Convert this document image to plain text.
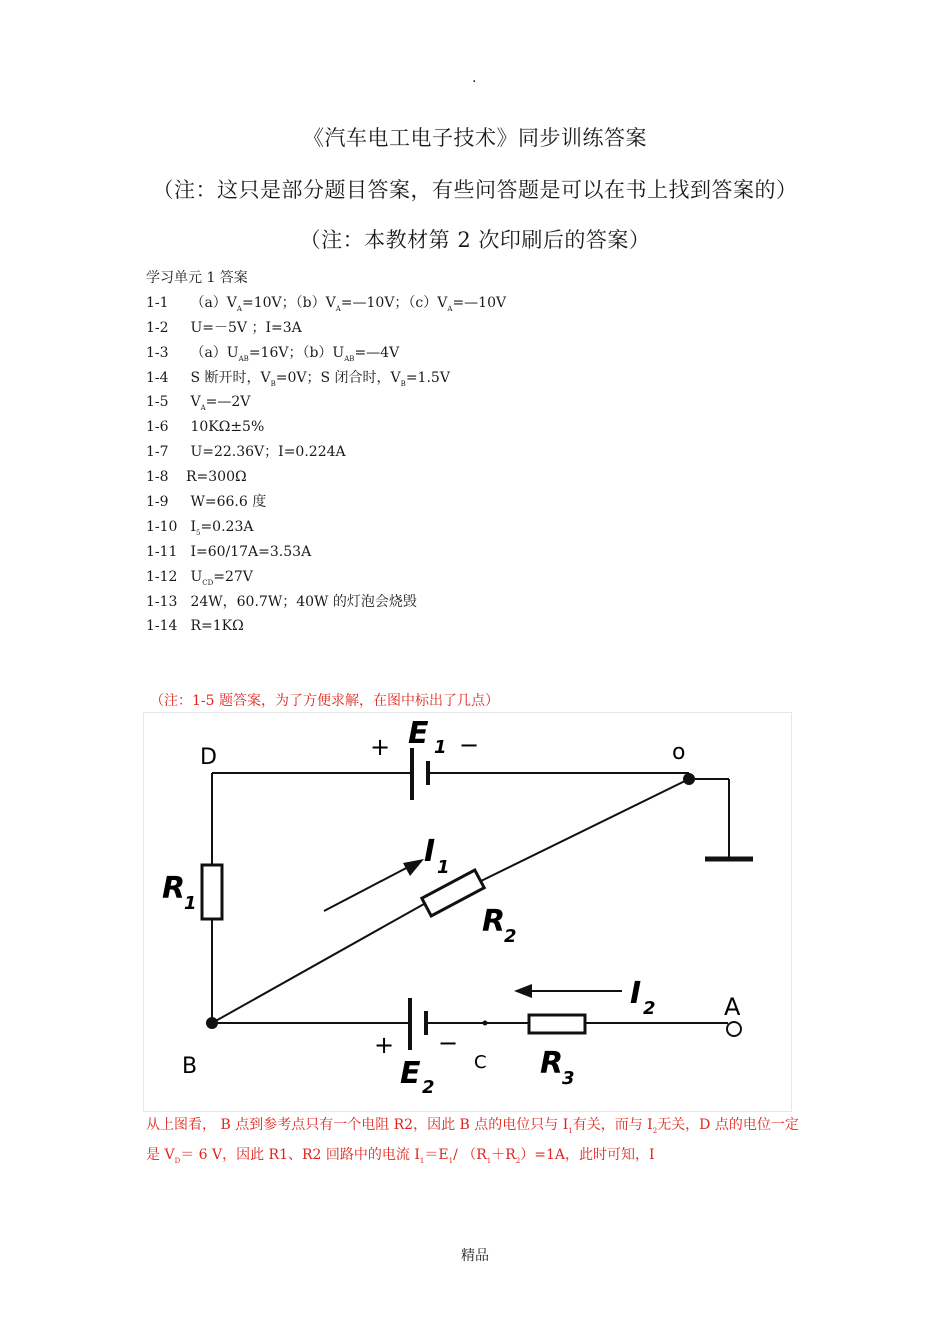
.
《汽车电工电子技术》同步训练答案
（注：这只是部分题目答案，有些问答题是可以在书上找到答案的）
（注：本教材第 2 次印刷后的答案）
学习单元 1 答案
1-1 $(a)V_A=10V$；$(b)V_A=—10V$；$(c)V_A=—10V$
1-2 U=－5V ；I=3A
1-3 $(a)U_{AB}=16V$；$(b)U_{AB}=—4V$
1-4 S 断开时，$V_B=0V$；S 闭合时，$V_B=1.5V$
1-5 $V_A=—2V$
1-6 10KΩ±5%
1-7 U=22.36V；I=0.224A
1-8 R=300Ω
1-9 W=66.6 度
1-10 $I_5=0.23A$
1-11 I=60/17A=3.53A
1-12 $U_{CD}=27V$
1-13 24W，60.7W；40W 的灯泡会烧毁
1-14 R=1KΩ
（注：1-5 题答案，为了方便求解，在图中标出了几点）
D	o
B
A
C
+	−
E 1
+ −
E 2
R
1
R
2
R
3
I 1
I 2
从上图看， B 点到参考点只有一个电阻 R2，因此 B 点的电位只与 $I_1$有关，而与 $I_2$无关，D 点的电位一定是 $V_D= 6$ V，因此 R1、R2 回路中的电流 $I_1=E_1/$ $(R_1+R_2)=1A$，此时可知，I
精品
